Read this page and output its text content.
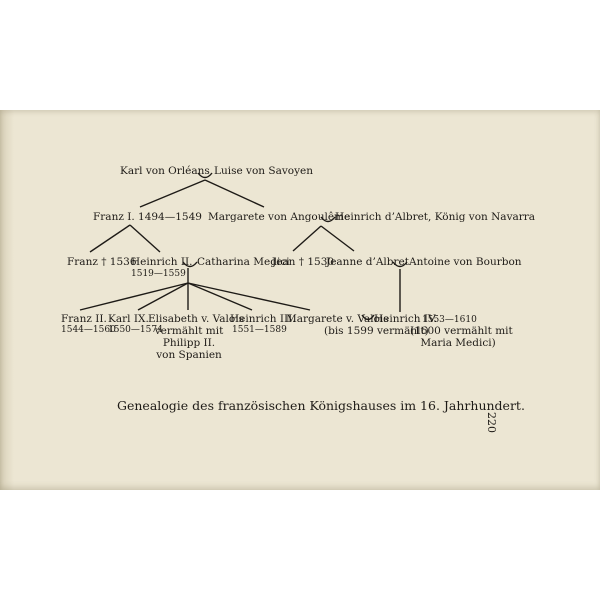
Karl von Orléans Luise von Savoyen
Franz I. 1494—1549 Margarete von Angoulême
Heinrich d’Albret, König von Navarra
Franz † 1536
Heinrich II.
1519—1559
Catharina Medici
Jean † 1530
Jeanne d’Albret Antoine von Bourbon
Franz II.
1544—1560
Karl IX.
1550—1574
Elisabeth v. Valois
vermählt mit
Philipp II.
von Spanien
Heinrich III.
1551—1589
Margarete v. Valois
(bis 1599 vermählt)
Heinrich IV.
1553—1610
(1600 vermählt mit
Maria Medici)
Genealogie des französischen Königshauses im 16. Jahrhundert.
220
